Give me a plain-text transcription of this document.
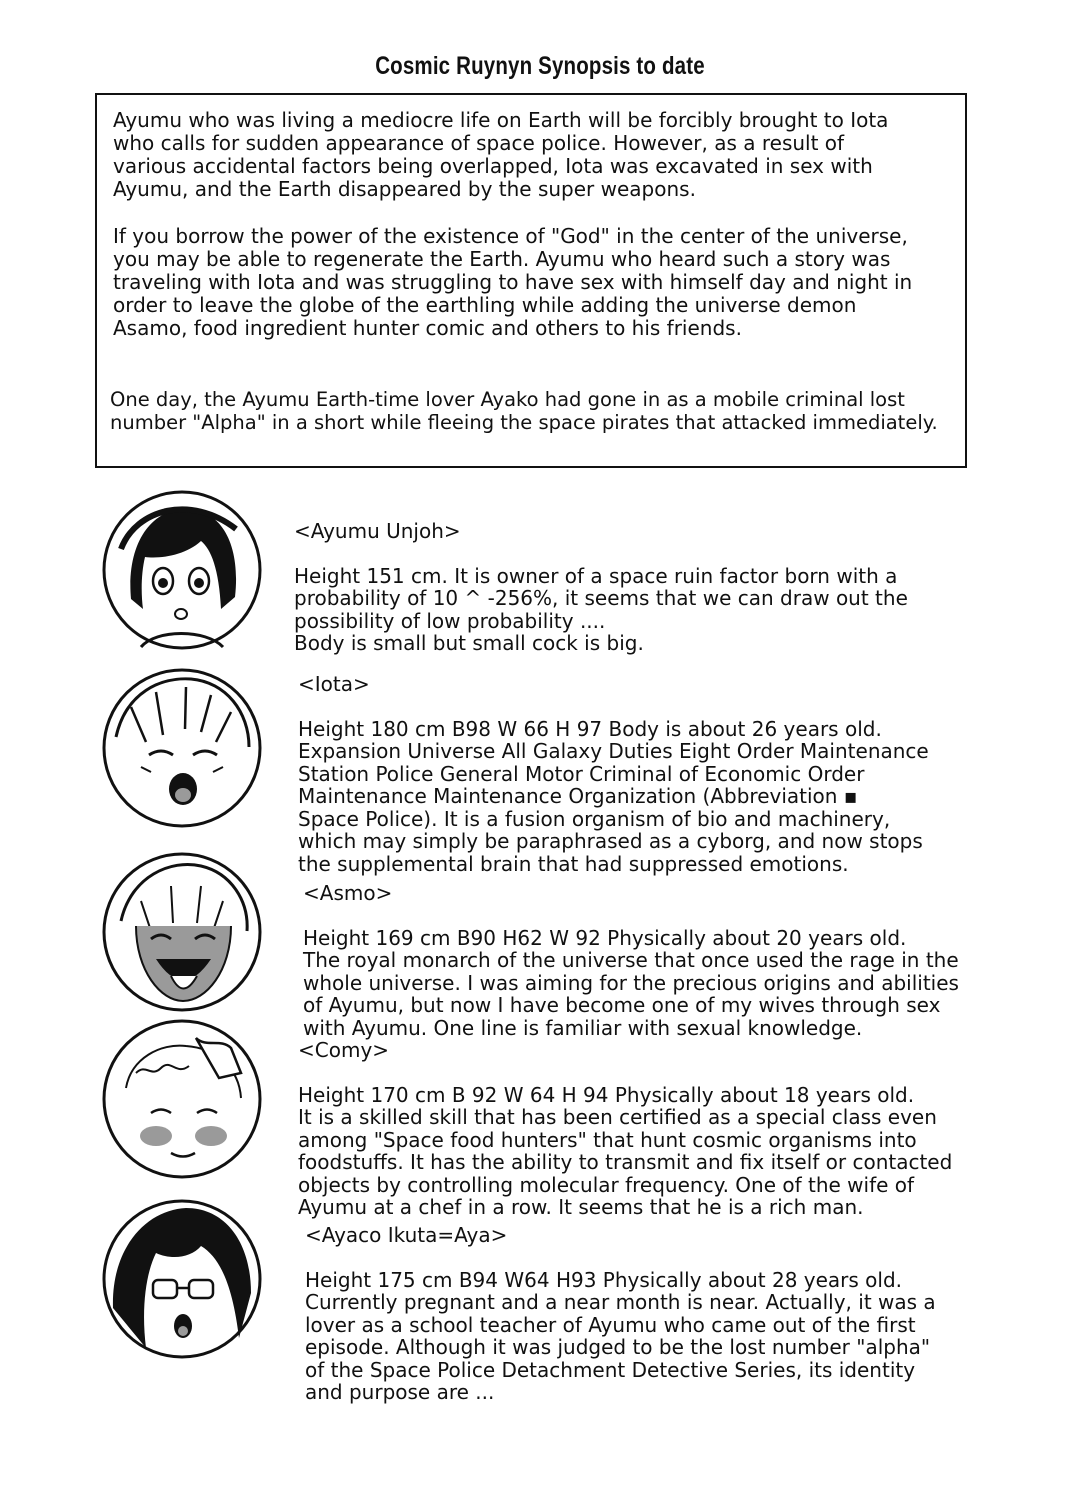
Cosmic Ruynyn Synopsis to date

Ayumu who was living a mediocre life on Earth will be forcibly brought to Iota
who calls for sudden appearance of space police. However, as a result of
various accidental factors being overlapped, Iota was excavated in sex with
Ayumu, and the Earth disappeared by the super weapons.

If you borrow the power of the existence of "God" in the center of the universe,
you may be able to regenerate the Earth. Ayumu who heard such a story was
traveling with Iota and was struggling to have sex with himself day and night in
order to leave the globe of the earthling while adding the universe demon
Asamo, food ingredient hunter comic and others to his friends.

One day, the Ayumu Earth-time lover Ayako had gone in as a mobile criminal lost
number "Alpha" in a short while fleeing the space pirates that attacked immediately.

<Ayumu Unjoh>

Height 151 cm. It is owner of a space ruin factor born with a
probability of 10 ^ -256%, it seems that we can draw out the
possibility of low probability ....
Body is small but small cock is big.

<Iota>

Height 180 cm B98 W 66 H 97 Body is about 26 years old.
Expansion Universe All Galaxy Duties Eight Order Maintenance
Station Police General Motor Criminal of Economic Order
Maintenance Maintenance Organization (Abbreviation ▪
Space Police). It is a fusion organism of bio and machinery,
which may simply be paraphrased as a cyborg, and now stops
the supplemental brain that had suppressed emotions.

<Asmo>

Height 169 cm B90 H62 W 92 Physically about 20 years old.
The royal monarch of the universe that once used the rage in the
whole universe. I was aiming for the precious origins and abilities
of Ayumu, but now I have become one of my wives through sex
with Ayumu. One line is familiar with sexual knowledge.

<Comy>

Height 170 cm B 92 W 64 H 94 Physically about 18 years old.
It is a skilled skill that has been certified as a special class even
among "Space food hunters" that hunt cosmic organisms into
foodstuffs. It has the ability to transmit and fix itself or contacted
objects by controlling molecular frequency. One of the wife of
Ayumu at a chef in a row. It seems that he is a rich man.

<Ayaco Ikuta=Aya>

Height 175 cm B94 W64 H93 Physically about 28 years old.
Currently pregnant and a near month is near. Actually, it was a
lover as a school teacher of Ayumu who came out of the first
episode. Although it was judged to be the lost number "alpha"
of the Space Police Detachment Detective Series, its identity
and purpose are ...
